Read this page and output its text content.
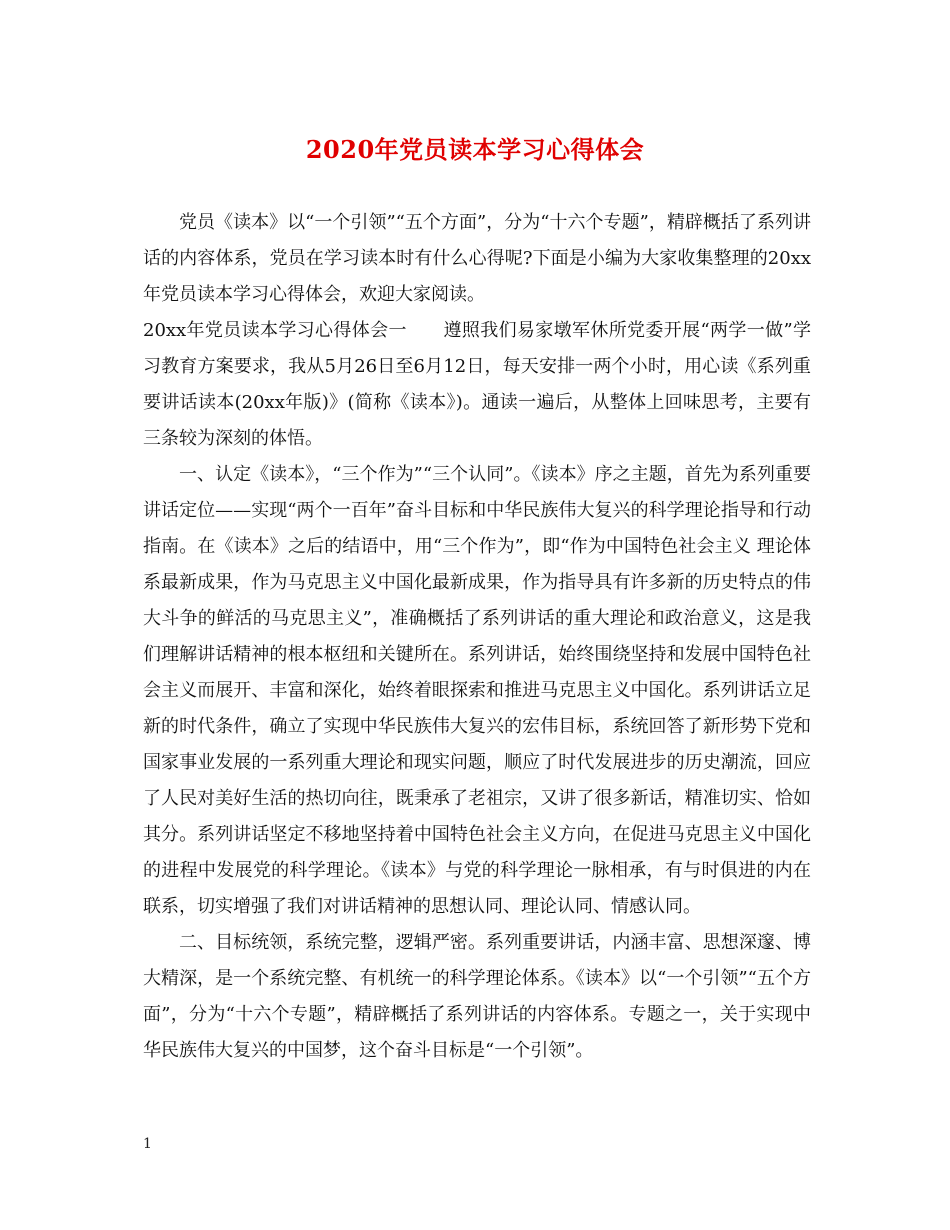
2020年党员读本学习心得体会

党员《读本》以“一个引领”“五个方面”，分为“十六个专题”，精辟概括了系列讲话的内容体系，党员在学习读本时有什么心得呢?下面是小编为大家收集整理的20xx年党员读本学习心得体会，欢迎大家阅读。

20xx年党员读本学习心得体会一　　遵照我们易家墩军休所党委开展“两学一做”学习教育方案要求，我从5月26日至6月12日，每天安排一两个小时，用心读《系列重要讲话读本(20xx年版)》(简称《读本》)。通读一遍后，从整体上回味思考，主要有三条较为深刻的体悟。

一、认定《读本》，“三个作为”“三个认同”。《读本》序之主题，首先为系列重要讲话定位——实现“两个一百年”奋斗目标和中华民族伟大复兴的科学理论指导和行动指南。在《读本》之后的结语中，用“三个作为”，即“作为中国特色社会主义 理论体系最新成果，作为马克思主义中国化最新成果，作为指导具有许多新的历史特点的伟大斗争的鲜活的马克思主义”，准确概括了系列讲话的重大理论和政治意义，这是我们理解讲话精神的根本枢纽和关键所在。系列讲话，始终围绕坚持和发展中国特色社会主义而展开、丰富和深化，始终着眼探索和推进马克思主义中国化。系列讲话立足新的时代条件，确立了实现中华民族伟大复兴的宏伟目标，系统回答了新形势下党和国家事业发展的一系列重大理论和现实问题，顺应了时代发展进步的历史潮流，回应了人民对美好生活的热切向往，既秉承了老祖宗，又讲了很多新话，精准切实、恰如其分。系列讲话坚定不移地坚持着中国特色社会主义方向，在促进马克思主义中国化的进程中发展党的科学理论。《读本》与党的科学理论一脉相承，有与时俱进的内在联系，切实增强了我们对讲话精神的思想认同、理论认同、情感认同。

二、目标统领，系统完整，逻辑严密。系列重要讲话，内涵丰富、思想深邃、博大精深，是一个系统完整、有机统一的科学理论体系。《读本》以“一个引领”“五个方面”，分为“十六个专题”，精辟概括了系列讲话的内容体系。专题之一，关于实现中华民族伟大复兴的中国梦，这个奋斗目标是“一个引领”。

1
